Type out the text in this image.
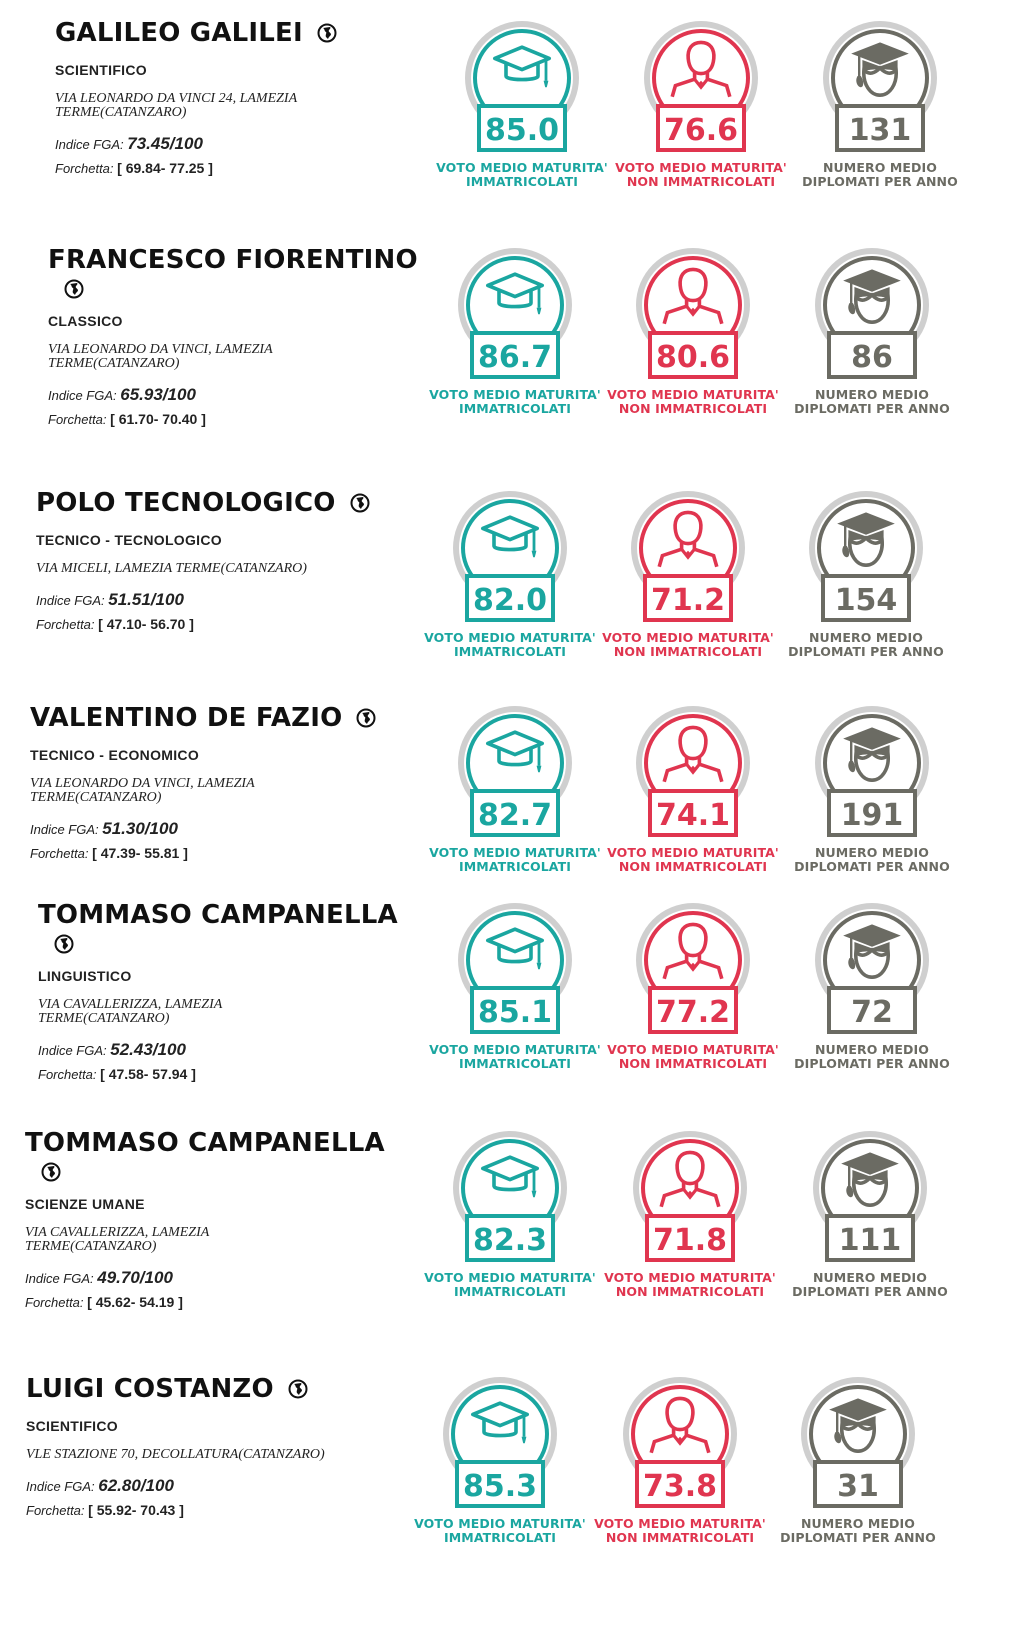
GALILEO GALILEI
SCIENTIFICO
VIA LEONARDO DA VINCI 24, LAMEZIA TERME(CATANZARO)
Indice FGA: 73.45/100
Forchetta: [ 69.84- 77.25 ]
85.0
VOTO MEDIO MATURITA'
IMMATRICOLATI
76.6
VOTO MEDIO MATURITA'
NON IMMATRICOLATI
131
NUMERO MEDIO
DIPLOMATI PER ANNO
FRANCESCO FIORENTINO
CLASSICO
VIA LEONARDO DA VINCI, LAMEZIA TERME(CATANZARO)
Indice FGA: 65.93/100
Forchetta: [ 61.70- 70.40 ]
86.7
VOTO MEDIO MATURITA'
IMMATRICOLATI
80.6
VOTO MEDIO MATURITA'
NON IMMATRICOLATI
86
NUMERO MEDIO
DIPLOMATI PER ANNO
POLO TECNOLOGICO
TECNICO - TECNOLOGICO
VIA MICELI, LAMEZIA TERME(CATANZARO)
Indice FGA: 51.51/100
Forchetta: [ 47.10- 56.70 ]
82.0
VOTO MEDIO MATURITA'
IMMATRICOLATI
71.2
VOTO MEDIO MATURITA'
NON IMMATRICOLATI
154
NUMERO MEDIO
DIPLOMATI PER ANNO
VALENTINO DE FAZIO
TECNICO - ECONOMICO
VIA LEONARDO DA VINCI, LAMEZIA TERME(CATANZARO)
Indice FGA: 51.30/100
Forchetta: [ 47.39- 55.81 ]
82.7
VOTO MEDIO MATURITA'
IMMATRICOLATI
74.1
VOTO MEDIO MATURITA'
NON IMMATRICOLATI
191
NUMERO MEDIO
DIPLOMATI PER ANNO
TOMMASO CAMPANELLA
LINGUISTICO
VIA CAVALLERIZZA, LAMEZIA TERME(CATANZARO)
Indice FGA: 52.43/100
Forchetta: [ 47.58- 57.94 ]
85.1
VOTO MEDIO MATURITA'
IMMATRICOLATI
77.2
VOTO MEDIO MATURITA'
NON IMMATRICOLATI
72
NUMERO MEDIO
DIPLOMATI PER ANNO
TOMMASO CAMPANELLA
SCIENZE UMANE
VIA CAVALLERIZZA, LAMEZIA TERME(CATANZARO)
Indice FGA: 49.70/100
Forchetta: [ 45.62- 54.19 ]
82.3
VOTO MEDIO MATURITA'
IMMATRICOLATI
71.8
VOTO MEDIO MATURITA'
NON IMMATRICOLATI
111
NUMERO MEDIO
DIPLOMATI PER ANNO
LUIGI COSTANZO
SCIENTIFICO
VLE STAZIONE 70, DECOLLATURA(CATANZARO)
Indice FGA: 62.80/100
Forchetta: [ 55.92- 70.43 ]
85.3
VOTO MEDIO MATURITA'
IMMATRICOLATI
73.8
VOTO MEDIO MATURITA'
NON IMMATRICOLATI
31
NUMERO MEDIO
DIPLOMATI PER ANNO
